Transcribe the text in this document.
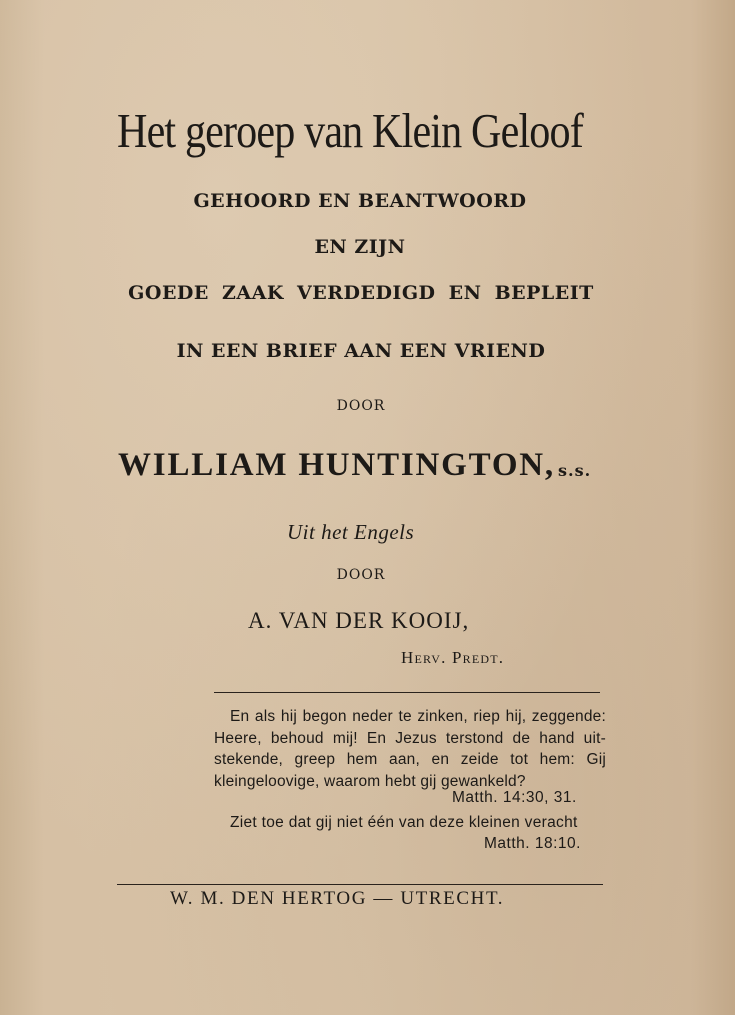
Het geroep van Klein Geloof
GEHOORD EN BEANTWOORD
EN ZIJN
GOEDE ZAAK VERDEDIGD EN BEPLEIT
IN EEN BRIEF AAN EEN VRIEND
DOOR
WILLIAM HUNTINGTON, s.s.
Uit het Engels
DOOR
A. VAN DER KOOIJ,
Herv. Predt.
En als hij begon neder te zinken, riep hij, zeggende:
Heere, behoud mij! En Jezus terstond de hand uit-
stekende, greep hem aan, en zeide tot hem: Gij
kleingeloovige, waarom hebt gij gewankeld?
Matth. 14:30, 31.
Ziet toe dat gij niet één van deze kleinen veracht
Matth. 18:10.
W. M. DEN HERTOG — UTRECHT.
